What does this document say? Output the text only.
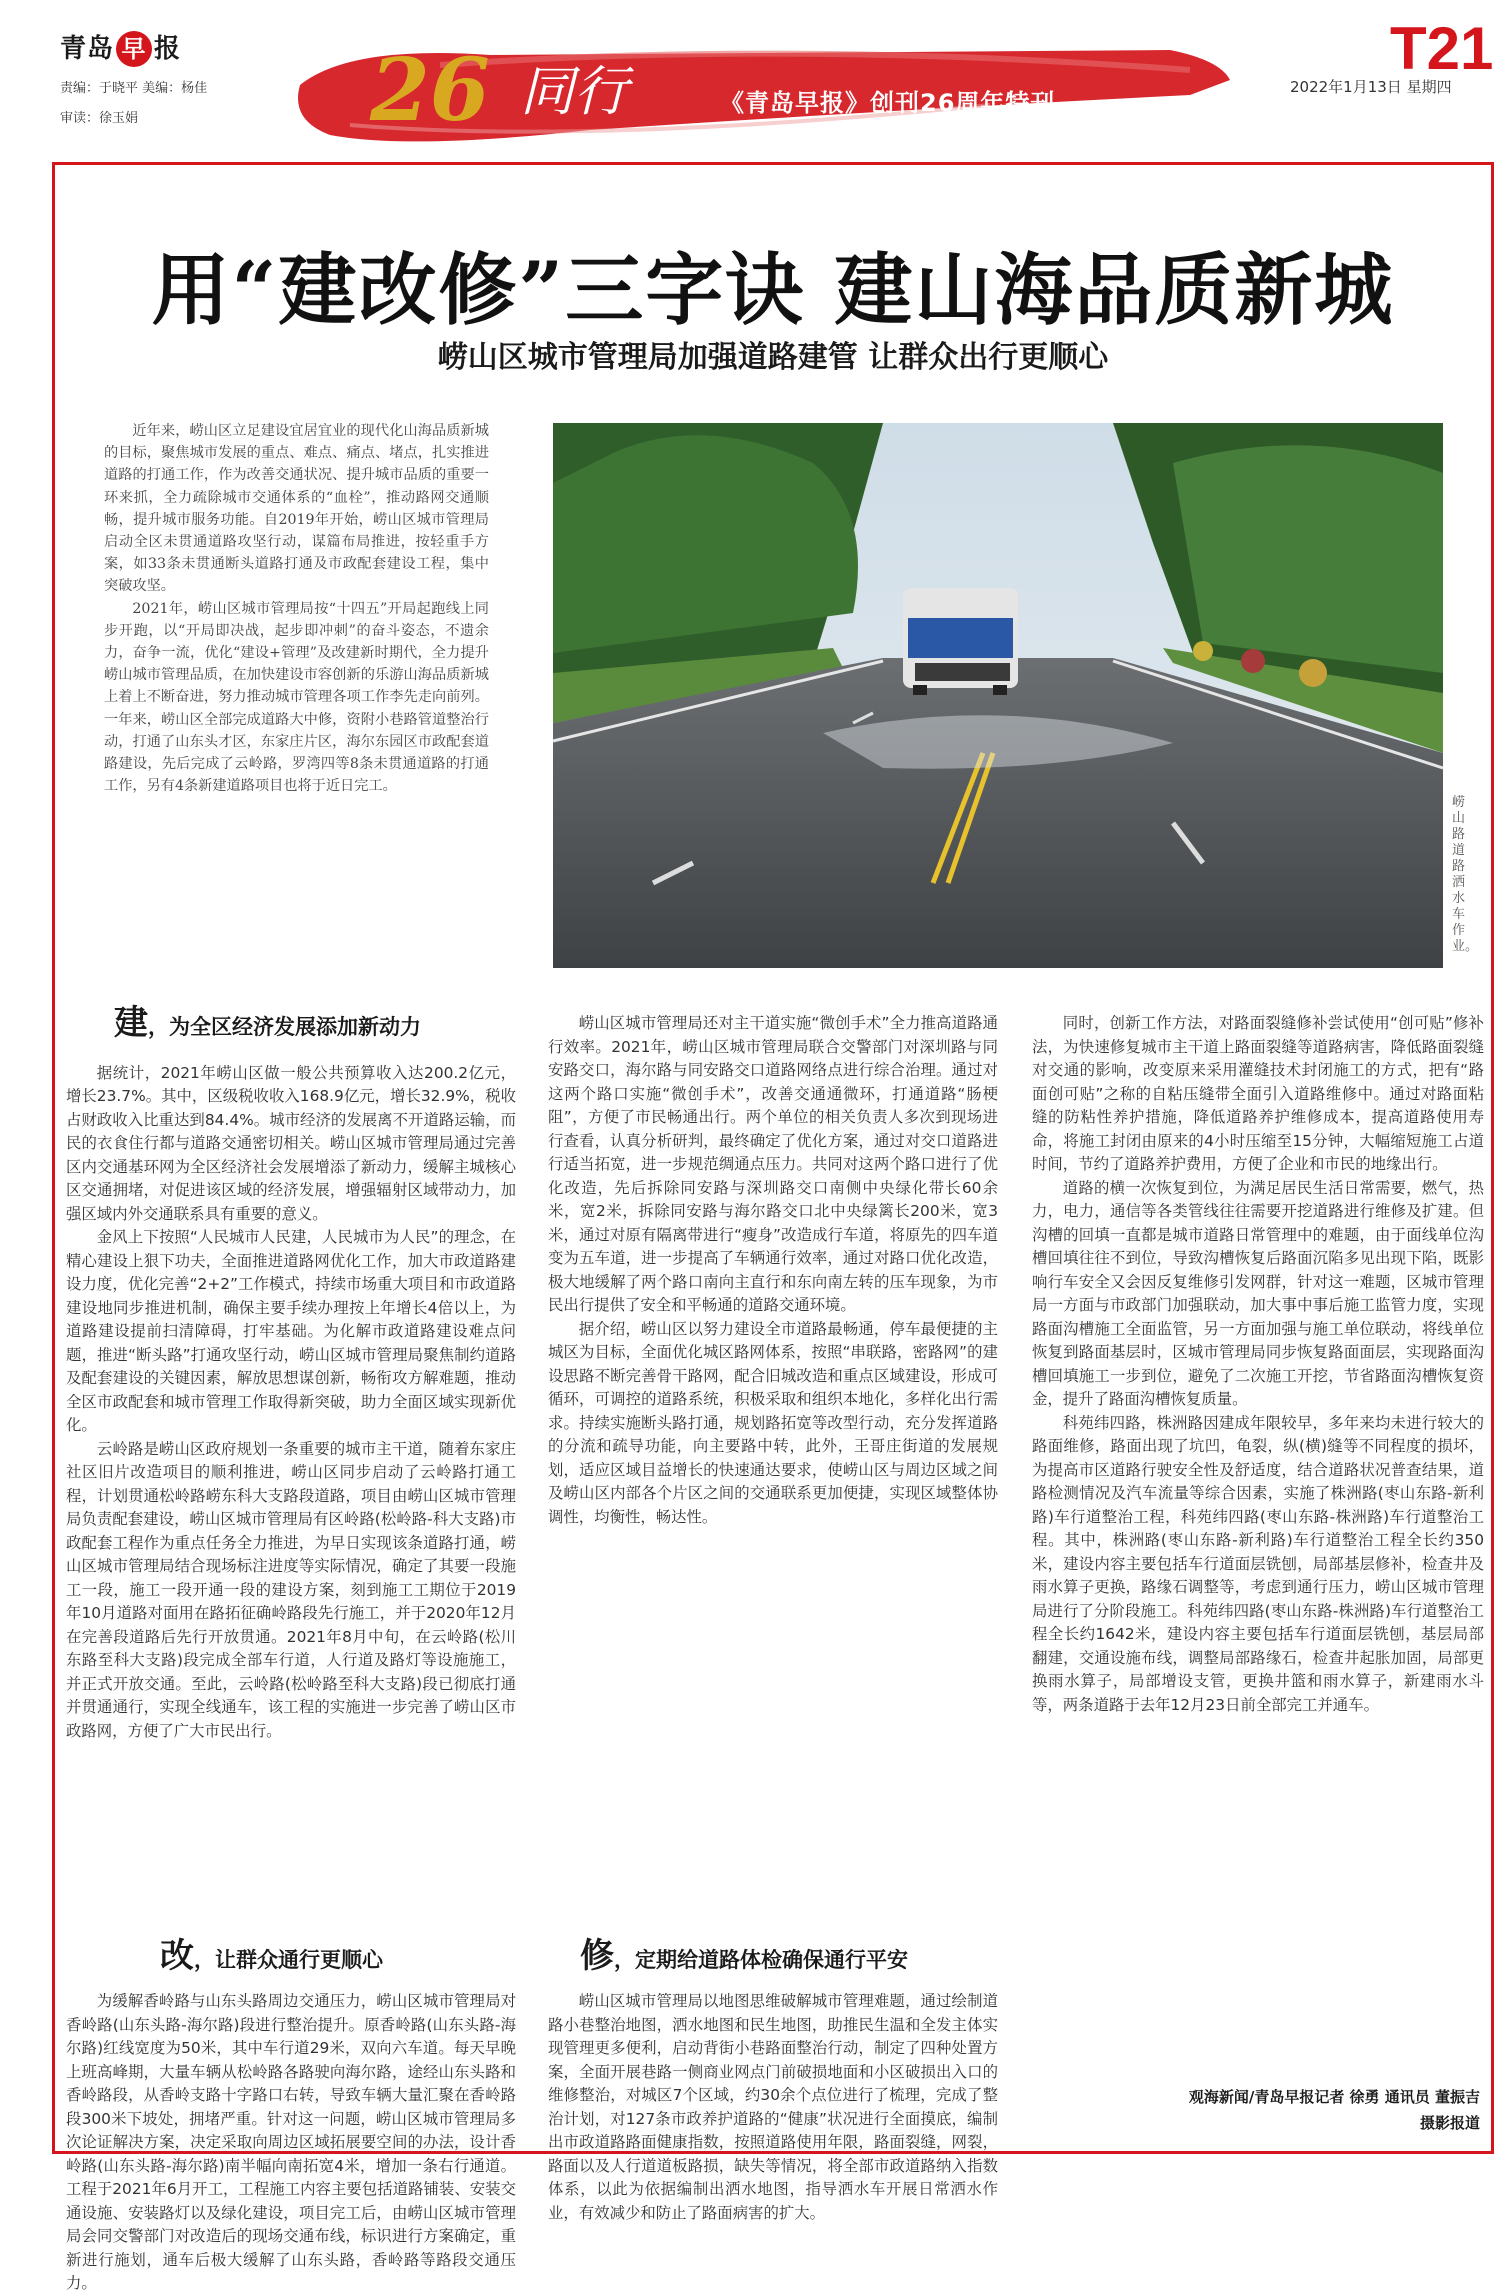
青岛 早 报
责编：于晓平 美编：杨佳
审读：徐玉娟	26 同行	《青岛早报》创刊26周年特刊
T21
2022年1月13日 星期四
用“建改修”三字诀 建山海品质新城
崂山区城市管理局加强道路建管 让群众出行更顺心

近年来，崂山区立足建设宜居宜业的现代化山海品质新城的目标，聚焦城市发展的重点、难点、痛点、堵点，扎实推进道路的打通工作，作为改善交通状况、提升城市品质的重要一环来抓，全力疏除城市交通体系的“血栓”，推动路网交通顺畅，提升城市服务功能。自2019年开始，崂山区城市管理局启动全区未贯通道路攻坚行动，谋篇布局推进，按轻重手方案，如33条未贯通断头道路打通及市政配套建设工程，集中突破攻坚。

2021年，崂山区城市管理局按“十四五”开局起跑线上同步开跑，以“开局即决战，起步即冲刺”的奋斗姿态，不遗余力，奋争一流，优化“建设+管理”及改建新时期代，全力提升崂山城市管理品质，在加快建设市容创新的乐游山海品质新城上着上不断奋进，努力推动城市管理各项工作李先走向前列。一年来，崂山区全部完成道路大中修，资附小巷路管道整治行动，打通了山东头才区，东家庄片区，海尔东园区市政配套道路建设，先后完成了云岭路，罗湾四等8条未贯通道路的打通工作，另有4条新建道路项目也将于近日完工。

崂山路道路洒水车作业。
建，为全区经济发展添加新动力

据统计，2021年崂山区做一般公共预算收入达200.2亿元，增长23.7%。其中，区级税收收入168.9亿元，增长32.9%，税收占财政收入比重达到84.4%。城市经济的发展离不开道路运输，而民的衣食住行都与道路交通密切相关。崂山区城市管理局通过完善区内交通基环网为全区经济社会发展增添了新动力，缓解主城核心区交通拥堵，对促进该区域的经济发展，增强辐射区域带动力，加强区域内外交通联系具有重要的意义。

金风上下按照“人民城市人民建，人民城市为人民”的理念，在精心建设上狠下功夫，全面推进道路网优化工作，加大市政道路建设力度，优化完善“2+2”工作模式，持续市场重大项目和市政道路建设地同步推进机制，确保主要手续办理按上年增长4倍以上，为道路建设提前扫清障碍，打牢基础。为化解市政道路建设难点问题，推进“断头路”打通攻坚行动，崂山区城市管理局聚焦制约道路及配套建设的关键因素，解放思想谋创新，畅衔攻方解难题，推动全区市政配套和城市管理工作取得新突破，助力全面区域实现新优化。

云岭路是崂山区政府规划一条重要的城市主干道，随着东家庄社区旧片改造项目的顺利推进，崂山区同步启动了云岭路打通工程，计划贯通松岭路崂东科大支路段道路，项目由崂山区城市管理局负责配套建设，崂山区城市管理局有区岭路(松岭路-科大支路)市政配套工程作为重点任务全力推进，为早日实现该条道路打通，崂山区城市管理局结合现场标注进度等实际情况，确定了其要一段施工一段，施工一段开通一段的建设方案，刻到施工工期位于2019年10月道路对面用在路拓征确岭路段先行施工，并于2020年12月在完善段道路后先行开放贯通。2021年8月中旬，在云岭路(松川东路至科大支路)段完成全部车行道，人行道及路灯等设施施工，并正式开放交通。至此，云岭路(松岭路至科大支路)段已彻底打通并贯通通行，实现全线通车，该工程的实施进一步完善了崂山区市政路网，方便了广大市民出行。

改，让群众通行更顺心

为缓解香岭路与山东头路周边交通压力，崂山区城市管理局对香岭路(山东头路-海尔路)段进行整治提升。原香岭路(山东头路-海尔路)红线宽度为50米，其中车行道29米，双向六车道。每天早晚上班高峰期，大量车辆从松岭路各路驶向海尔路，途经山东头路和香岭路段，从香岭支路十字路口右转，导致车辆大量汇聚在香岭路段300米下坡处，拥堵严重。针对这一问题，崂山区城市管理局多次论证解决方案，决定采取向周边区域拓展要空间的办法，设计香岭路(山东头路-海尔路)南半幅向南拓宽4米，增加一条右行通道。工程于2021年6月开工，工程施工内容主要包括道路铺装、安装交通设施、安装路灯以及绿化建设，项目完工后，由崂山区城市管理局会同交警部门对改造后的现场交通布线，标识进行方案确定，重新进行施划，通车后极大缓解了山东头路，香岭路等路段交通压力。

崂山区城市管理局还对主干道实施“微创手术”全力推高道路通行效率。2021年，崂山区城市管理局联合交警部门对深圳路与同安路交口，海尔路与同安路交口道路网络点进行综合治理。通过对这两个路口实施“微创手术”，改善交通通微环，打通道路“肠梗阻”，方便了市民畅通出行。两个单位的相关负责人多次到现场进行查看，认真分析研判，最终确定了优化方案，通过对交口道路进行适当拓宽，进一步规范绸通点压力。共同对这两个路口进行了优化改造，先后拆除同安路与深圳路交口南侧中央绿化带长60余米，宽2米，拆除同安路与海尔路交口北中央绿篱长200米，宽3米，通过对原有隔离带进行“瘦身”改造成行车道，将原先的四车道变为五车道，进一步提高了车辆通行效率，通过对路口优化改造，极大地缓解了两个路口南向主直行和东向南左转的压车现象，为市民出行提供了安全和平畅通的道路交通环境。

据介绍，崂山区以努力建设全市道路最畅通，停车最便捷的主城区为目标，全面优化城区路网体系，按照“串联路，密路网”的建设思路不断完善骨干路网，配合旧城改造和重点区域建设，形成可循环，可调控的道路系统，积极采取和组织本地化，多样化出行需求。持续实施断头路打通，规划路拓宽等改型行动，充分发挥道路的分流和疏导功能，向主要路中转，此外，王哥庄街道的发展规划，适应区域目益增长的快速通达要求，使崂山区与周边区域之间及崂山区内部各个片区之间的交通联系更加便捷，实现区域整体协调性，均衡性，畅达性。

修，定期给道路体检确保通行平安

崂山区城市管理局以地图思维破解城市管理难题，通过绘制道路小巷整治地图，洒水地图和民生地图，助推民生温和全发主体实现管理更多便利，启动背街小巷路面整治行动，制定了四种处置方案，全面开展巷路一侧商业网点门前破损地面和小区破损出入口的维修整治，对城区7个区域，约30余个点位进行了梳理，完成了整治计划，对127条市政养护道路的“健康”状况进行全面摸底，编制出市政道路路面健康指数，按照道路使用年限，路面裂缝，网裂，路面以及人行道道板路损，缺失等情况，将全部市政道路纳入指数体系，以此为依据编制出洒水地图，指导洒水车开展日常洒水作业，有效减少和防止了路面病害的扩大。

同时，创新工作方法，对路面裂缝修补尝试使用“创可贴”修补法，为快速修复城市主干道上路面裂缝等道路病害，降低路面裂缝对交通的影响，改变原来采用灌缝技术封闭施工的方式，把有“路面创可贴”之称的自粘压缝带全面引入道路维修中。通过对路面粘缝的防粘性养护措施，降低道路养护维修成本，提高道路使用寿命，将施工封闭由原来的4小时压缩至15分钟，大幅缩短施工占道时间，节约了道路养护费用，方便了企业和市民的地缘出行。

道路的横一次恢复到位，为满足居民生活日常需要，燃气，热力，电力，通信等各类管线往往需要开挖道路进行维修及扩建。但沟槽的回填一直都是城市道路日常管理中的难题，由于面线单位沟槽回填往往不到位，导致沟槽恢复后路面沉陷多见出现下陷，既影响行车安全又会因反复维修引发网群，针对这一难题，区城市管理局一方面与市政部门加强联动，加大事中事后施工监管力度，实现路面沟槽施工全面监管，另一方面加强与施工单位联动，将线单位恢复到路面基层时，区城市管理局同步恢复路面面层，实现路面沟槽回填施工一步到位，避免了二次施工开挖，节省路面沟槽恢复资金，提升了路面沟槽恢复质量。

科苑纬四路，株洲路因建成年限较早，多年来均未进行较大的路面维修，路面出现了坑凹，龟裂，纵(横)缝等不同程度的损坏，为提高市区道路行驶安全性及舒适度，结合道路状况普查结果，道路检测情况及汽车流量等综合因素，实施了株洲路(枣山东路-新利路)车行道整治工程，科苑纬四路(枣山东路-株洲路)车行道整治工程。其中，株洲路(枣山东路-新利路)车行道整治工程全长约350米，建设内容主要包括车行道面层铣刨，局部基层修补，检查井及雨水算子更换，路缘石调整等，考虑到通行压力，崂山区城市管理局进行了分阶段施工。科苑纬四路(枣山东路-株洲路)车行道整治工程全长约1642米，建设内容主要包括车行道面层铣刨，基层局部翻建，交通设施布线，调整局部路缘石，检查井起胀加固，局部更换雨水算子，局部增设支管，更换井篮和雨水算子，新建雨水斗等，两条道路于去年12月23日前全部完工并通车。

观海新闻/青岛早报记者 徐勇 通讯员 董振吉
摄影报道
